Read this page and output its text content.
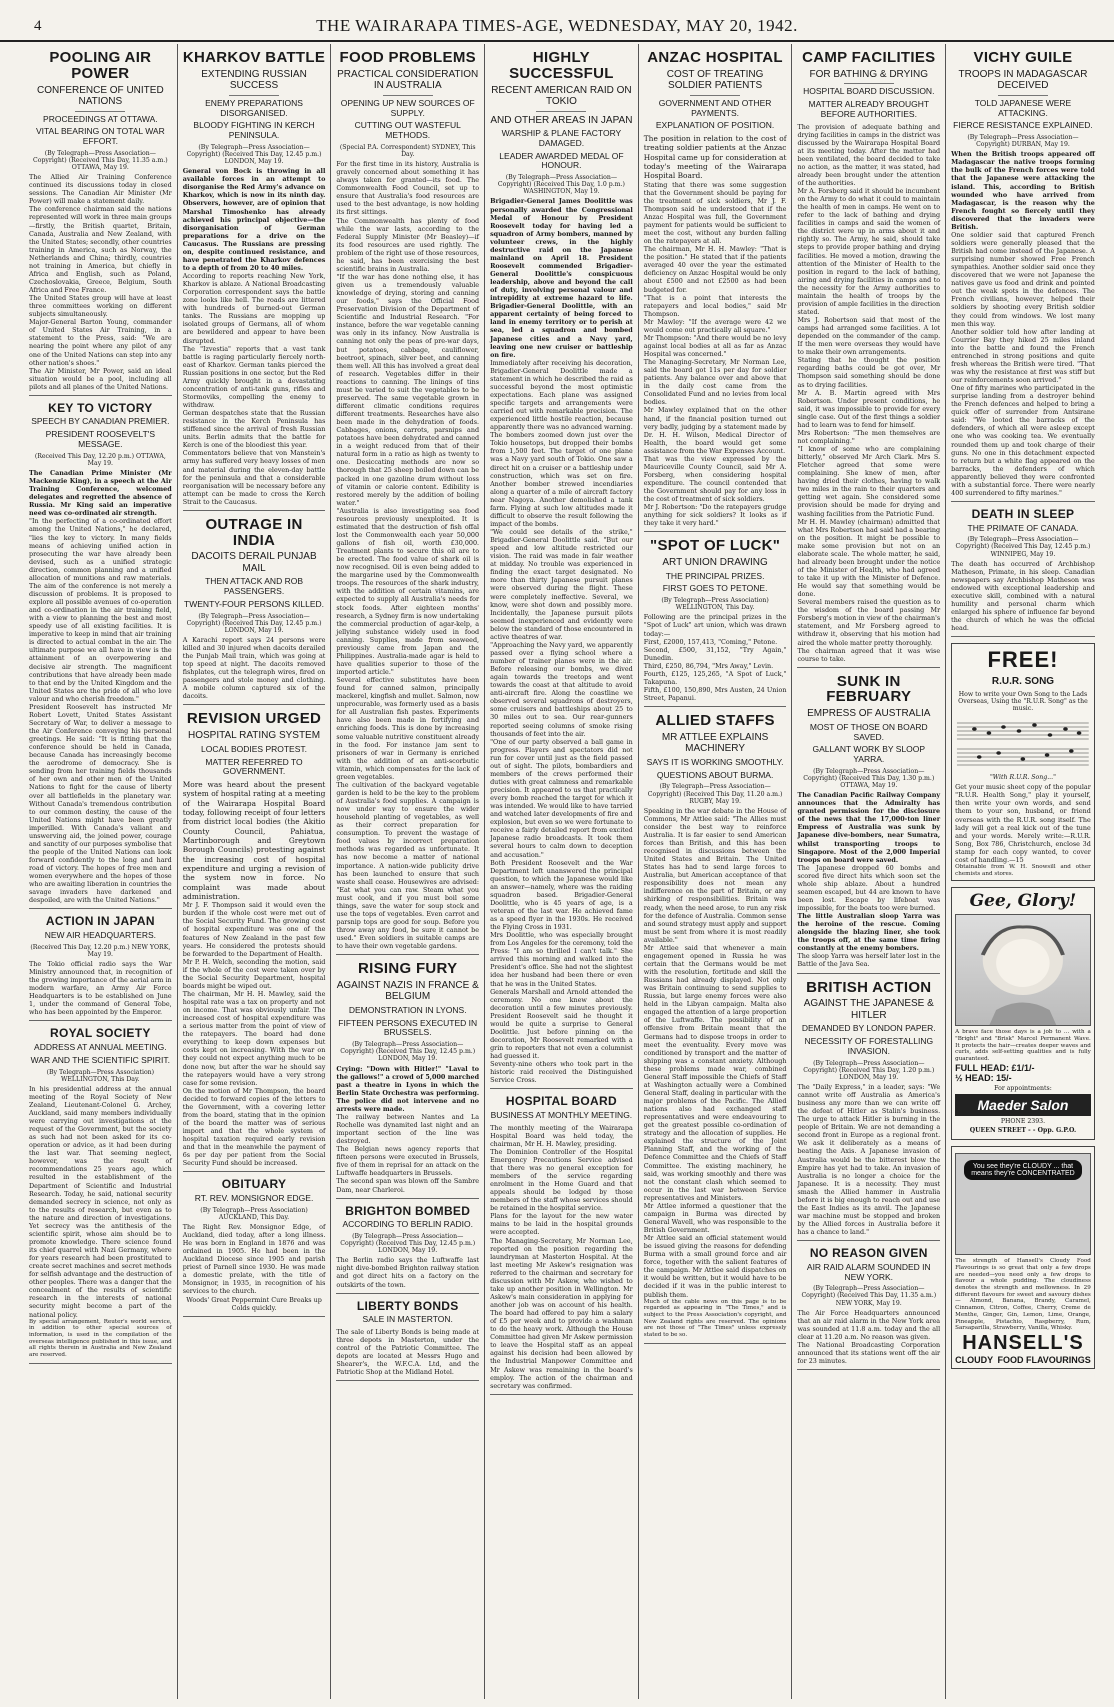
4	THE WAIRARAPA TIMES-AGE, WEDNESDAY, MAY 20, 1942.
POOLING AIR POWER
CONFERENCE OF UNITED NATIONS
PROCEEDINGS AT OTTAWA.
VITAL BEARING ON TOTAL WAR EFFORT.
(By Telegraph—Press Association—Copyright) (Received This Day, 11.35 a.m.) OTTAWA, May 19.

The Allied Air Training Conference continued its discussions today in closed sessions. The Canadian Air Minister (Mr Power) will make a statement daily.

The conference chairman said the nations represented will work in three main groups—firstly, the British quartet, Britain, Canada, Australia and New Zealand, with the United States; secondly, other countries training in America, such as Norway, the Netherlands and China; thirdly, countries not training in America, but chiefly in Africa and English, such as Poland, Czechoslovakia, Greece, Belgium, South Africa and Free France.

The United States group will have at least three committees working on different subjects simultaneously.

Major-General Barton Young, commander of United States Air Training, in a statement to the Press, said: "We are nearing the point where any pilot of any one of the United Nations can step into any other nation's shoes."

The Air Minister, Mr Power, said an ideal situation would be a pool, including all pilots and all planes of the United Nations.

KEY TO VICTORY
SPEECH BY CANADIAN PREMIER.
PRESIDENT ROOSEVELT'S MESSAGE.
(Received This Day, 12.20 p.m.) OTTAWA, May 19.

The Canadian Prime Minister (Mr Mackenzie King), in a speech at the Air Training Conference, welcomed delegates and regretted the absence of Russia. Mr King said an imperative need was co-ordinated air strength.

"In the perfecting of a co-ordinated effort among the United Nations," he declared, "lies the key to victory. In many fields means of achieving unified action in prosecuting the war have already been devised, such as a unified strategic direction, common planning and a unified allocation of munitions and raw materials. The aim of the conference is not merely a discussion of problems. It is proposed to explore all possible avenues of co-operation and co-ordination in the air training field, with a view to planning the best and most speedy use of all existing facilities. It is imperative to keep in mind that air training is directed to actual combat in the air. The ultimate purpose we all have in view is the attainment of an overpowering and decisive air strength. The magnificent contributions that have already been made to that end by the United Kingdom and the United States are the pride of all who love valour and who cherish freedom."

President Roosevelt has instructed Mr Robert Lovett, United States Assistant Secretary of War, to deliver a message to the Air Conference conveying his personal greetings. He said: "It is fitting that the conference should be held in Canada, because Canada has increasingly become the aerodrome of democracy. She is sending from her training fields thousands of her own and other men of the United Nations to fight for the cause of liberty over all battlefields in the planetary war. Without Canada's tremendous contribution to our common destiny, the cause of the United Nations might have been greatly imperilled. With Canada's valiant and unswerving aid, the joined power, courage and sanctity of our purposes symbolise that the people of the United Nations can look forward confidently to the long and hard road of victory. The hopes of free men and women everywhere and the hopes of those who are awaiting liberation in countries the savage invaders have darkened and despoiled, are with the United Nations."

ACTION IN JAPAN
NEW AIR HEADQUARTERS.
(Received This Day, 12.20 p.m.) NEW YORK, May 19.

The Tokio official radio says the War Ministry announced that, in recognition of the growing importance of the aerial arm in modern warfare, an Army Air Force Headquarters is to be established on June 1, under the command of General Tobe, who has been appointed by the Emperor.

ROYAL SOCIETY
ADDRESS AT ANNUAL MEETING.
WAR AND THE SCIENTIFIC SPIRIT.
(By Telegraph—Press Association) WELLINGTON, This Day.

In his presidential address at the annual meeting of the Royal Society of New Zealand, Lieutenant-Colonel G. Archey, Auckland, said many members individually were carrying out investigations at the request of the Government, but the society as such had not been asked for its co-operation or advice, as it had been during the last war. That seeming neglect, however, was the result of recommendations 25 years ago, which resulted in the establishment of the Department of Scientific and Industrial Research. Today, he said, national security demanded secrecy in science, not only as to the results of research, but even as to the nature and direction of investigations. Yet secrecy was the antithesis of the scientific spirit, whose aim should be to promote knowledge. There science found its chief quarrel with Nazi Germany, where for years research had been prostituted to create secret machines and secret methods for selfish advantage and the destruction of other peoples. There was a danger that the concealment of the results of scientific research in the interests of national security might become a part of the national policy.

By special arrangement, Reuter's world service, in addition to other special sources of information, is used in the compilation of the overseas intelligence published in this issue, and all rights therein in Australia and New Zealand are reserved.

KHARKOV BATTLE
EXTENDING RUSSIAN SUCCESS
ENEMY PREPARATIONS DISORGANISED.
BLOODY FIGHTING IN KERCH PENINSULA.
(By Telegraph—Press Association—Copyright) (Received This Day, 12.45 p.m.) LONDON, May 19.

General von Bock is throwing in all available forces in an attempt to disorganise the Red Army's advance on Kharkov, which is now in its ninth day. Observers, however, are of opinion that Marshal Timoshenko has already achieved his principal objective—the disorganisation of German preparations for a drive on the Caucasus. The Russians are pressing on, despite continued resistance, and have penetrated the Kharkov defences to a depth of from 20 to 40 miles.

According to reports reaching New York, Kharkov is ablaze. A National Broadcasting Corporation correspondent says the battle zone looks like hell. The roads are littered with hundreds of burned-out German tanks. The Russians are mopping up isolated groups of Germans, all of whom are bewildered and appear to have been disrupted.

The "Izvestia" reports that a vast tank battle is raging particularly fiercely north-east of Kharkov. German tanks pierced the Russian positions in one sector, but the Red Army quickly brought in a devastating concentration of anti-tank guns, rifles and Stormoviks, compelling the enemy to withdraw.

German despatches state that the Russian resistance in the Kerch Peninsula has stiffened since the arrival of fresh Russian units. Berlin admits that the battle for Kerch is one of the bloodiest this year.

Commentators believe that von Manstein's army has suffered very heavy losses of men and material during the eleven-day battle for the peninsula and that a considerable reorganisation will be necessary before any attempt can be made to cross the Kerch Strait to the Caucasus.

OUTRAGE IN INDIA
DACOITS DERAIL PUNJAB MAIL
THEN ATTACK AND ROB PASSENGERS.
TWENTY-FOUR PERSONS KILLED.
(By Telegraph—Press Association—Copyright) (Received This Day, 12.45 p.m.) LONDON, May 19.

A Karachi report says 24 persons were killed and 30 injured when dacoits derailed the Punjab Mail train, which was going at top speed at night. The dacoits removed fishplates, cut the telegraph wires, fired on passengers and stole money and clothing. A mobile column captured six of the dacoits.

REVISION URGED
HOSPITAL RATING SYSTEM
LOCAL BODIES PROTEST.
MATTER REFERRED TO GOVERNMENT.

More was heard about the present system of hospital rating at a meeting of the Wairarapa Hospital Board today, following receipt of four letters from district local bodies (the Akitio County Council, Pahiatua, Martinborough and Greytown Borough Councils) protesting against the increasing cost of hospital expenditure and urging a revision of the system now in force. No complaint was made about administration.

Mr J. F. Thompson said it would even the burden if the whole cost were met out of the Social Security Fund. The growing cost of hospital expenditure was one of the features of New Zealand in the past few years. He considered the protests should be forwarded to the Department of Health.

Mr P. H. Welch, seconding the motion, said if the whole of the cost were taken over by the Social Security Department, hospital boards might be wiped out.

The chairman, Mr H. H. Mawley, said the hospital rate was a tax on property and not on income. That was obviously unfair. The increased cost of hospital expenditure was a serious matter from the point of view of the ratepayers. The board had done everything to keep down expenses but costs kept on increasing. With the war on they could not expect anything much to be done now, but after the war he should say the ratepayers would have a very strong case for some revision.

On the motion of Mr Thompson, the board decided to forward copies of the letters to the Government, with a covering letter from the board, stating that in the opinion of the board the matter was of serious import and that the whole system of hospital taxation required early revision and that in the meanwhile the payment of 6s per day per patient from the Social Security Fund should be increased.

OBITUARY
RT. REV. MONSIGNOR EDGE.
(By Telegraph—Press Association) AUCKLAND, This Day.

The Right Rev. Monsignor Edge, of Auckland, died today, after a long illness. He was born in England in 1876 and was ordained in 1905. He had been in the Auckland Diocese since 1905 and parish priest of Parnell since 1930. He was made a domestic prelate, with the title of Monsignor, in 1935, in recognition of his services to the church.

Woods' Great Peppermint Cure Breaks up Colds quickly.

FOOD PROBLEMS
PRACTICAL CONSIDERATION IN AUSTRALIA
OPENING UP NEW SOURCES OF SUPPLY.
CUTTING OUT WASTEFUL METHODS.
(Special P.A. Correspondent) SYDNEY, This Day.

For the first time in its history, Australia is gravely concerned about something it has always taken for granted—its food. The Commonwealth Food Council, set up to ensure that Australia's food resources are used to the best advantage, is now holding its first sittings.

The Commonwealth has plenty of food while the war lasts, according to the Federal Supply Minister (Mr Beasley)—if its food resources are used rightly. The problem of the right use of those resources, he said, has been exercising the best scientific brains in Australia.

"If the war has done nothing else, it has given us a tremendously valuable knowledge of drying, storing and canning our foods," says the Official Food Preservation Division of the Department of Scientific and Industrial Research. "For instance, before the war vegetable canning was only in its infancy. Now Australia is canning not only the peas of pre-war days, but potatoes, cabbage, cauliflower, beetroot, spinach, silver beet, and canning them well. All this has involved a great deal of research. Vegetables differ in their reactions to canning. The linings of tins must be varied to suit the vegetables to be preserved. The same vegetable grown in different climatic conditions requires different treatments. Researches have also been made in the dehydration of foods. Cabbages, onions, carrots, parsnips and potatoes have been dehydrated and canned in a weight reduced from that of their natural form in a ratio as high as twenty to one. Desiccating methods are now so thorough that 25 sheep boiled down can be packed in one gazoline drum without loss of vitamin or calorie content. Edibility is restored merely by the addition of boiling water."

"Australia is also investigating sea food resources previously unexploited. It is estimated that the destruction of fish offal lost the Commonwealth each year 50,000 gallons of fish oil, worth £30,000. Treatment plants to secure this oil are to be erected. The food value of shark oil is now recognised. Oil is even being added to the margarine used by the Commonwealth troops. The resources of the shark industry, with the addition of certain vitamins, are expected to supply all Australia's needs for stock foods. After eighteen months' research, a Sydney firm is now undertaking the commercial production of agar-kelp, a jellying substance widely used in food canning. Supplies, made from seaweed, previously came from Japan and the Philippines. Australia-made agar is held to have qualities superior to those of the imported article."

Several effective substitutes have been found for canned salmon, principally mackerel, kingfish and mullet. Salmon, now unprocurable, was formerly used as a basis for all Australian fish pastes. Experiments have also been made in fortifying and enriching foods. This is done by increasing some valuable nutritive constituent already in the food. For instance jam sent to prisoners of war in Germany is enriched with the addition of an anti-scorbutic vitamin, which compensates for the lack of green vegetables.

The cultivation of the backyard vegetable garden is held to be the key to the problem of Australia's food supplies. A campaign is now under way to ensure the wider household planting of vegetables, as well as their correct preparation for consumption. To prevent the wastage of food values by incorrect preparation methods was regarded as unfortunate. It has now become a matter of national importance. A nation-wide publicity drive has been launched to ensure that such waste shall cease. Housewives are advised: "Eat what you can raw. Steam what you must cook, and if you must boil some things, save the water for soup stock and use the tops of vegetables. Even carrot and parsnip tops are good for soup. Before you throw away any food, be sure it cannot be used." Even soldiers in suitable camps are to have their own vegetable gardens.

RISING FURY
AGAINST NAZIS IN FRANCE & BELGIUM
DEMONSTRATION IN LYONS.
FIFTEEN PERSONS EXECUTED IN BRUSSELS.
(By Telegraph—Press Association—Copyright) (Received This Day, 12.45 p.m.) LONDON, May 19.

Crying: "Down with Hitler!" "Laval to the gallows!" a crowd of 5,000 marched past a theatre in Lyons in which the Berlin State Orchestra was performing. The police did not intervene and no arrests were made.

The railway between Nantes and La Rochelle was dynamited last night and an important section of the line was destroyed.

The Belgian news agency reports that fifteen persons were executed in Brussels, five of them in reprisal for an attack on the Luftwaffe headquarters in Brussels.

The second span was blown off the Sambre Dam, near Charleroi.

BRIGHTON BOMBED
ACCORDING TO BERLIN RADIO.
(By Telegraph—Press Association—Copyright) (Received This Day, 12.45 p.m.) LONDON, May 19.

The Berlin radio says the Luftwaffe last night dive-bombed Brighton railway station and got direct hits on a factory on the outskirts of the town.

LIBERTY BONDS
SALE IN MASTERTON.

The sale of Liberty Bonds is being made at three depots in Masterton, under the control of the Patriotic Committee. The depots are located at Messrs Hugo and Shearer's, the W.F.C.A. Ltd, and the Patriotic Shop at the Midland Hotel.

HIGHLY SUCCESSFUL
RECENT AMERICAN RAID ON TOKIO
AND OTHER AREAS IN JAPAN
WARSHIP & PLANE FACTORY DAMAGED.
LEADER AWARDED MEDAL OF HONOUR.
(By Telegraph—Press Association—Copyright) (Received This Day, 1.0 p.m.) WASHINGTON, May 19.

Brigadier-General James Doolittle was personally awarded the Congressional Medal of Honour by President Roosevelt today for having led a squadron of Army bombers, manned by volunteer crews, in the highly destructive raid on the Japanese mainland on April 18. President Roosevelt commended Brigadier-General Doolittle's conspicuous leadership, above and beyond the call of duty, involving personal valour and intrepidity at extreme hazard to life. Brigadier-General Doolittle, with an apparent certainty of being forced to land in enemy territory or to perish at sea, led a squadron and bombed Japanese cities and a Navy yard, leaving one new cruiser or battleship on fire.

Immediately after receiving his decoration, Brigadier-General Doolittle made a statement in which he described the raid as successful beyond the most optimistic expectations. Each plane was assigned specific targets and arrangements were carried out with remarkable precision. The experienced little hostile reaction, because apparently there was no advanced warning. The bombers zoomed down just over the Tokio housetops, but dropped their bombs from 1,500 feet. The target of one plane was a Navy yard south of Tokio. One saw a direct hit on a cruiser or a battleship under construction, which was set on fire. Another bomber strewed incendiaries along a quarter of a mile of aircraft factory near Nagoya. Another demolished a tank farm. Flying at such low altitudes made it difficult to observe the result following the impact of the bombs.

"We could see details of the strike," Brigadier-General Doolittle said. "But our speed and low altitude restricted our vision. The raid was made in fair weather at midday. No trouble was experienced in finding the exact target designated. No more than thirty Japanese pursuit planes were observed during the flight. These were completely ineffective. Several, we know, were shot down and possibly more. Incidentally, the Japanese pursuit pilots seemed inexperienced and evidently were below the standard of those encountered in active theatres of war.

"Approaching the Navy yard, we apparently passed over a flying school where a number of trainer planes were in the air. Before releasing our bombs, we dived again towards the treetops and went towards the coast at that altitude to avoid anti-aircraft fire. Along the coastline we observed several squadrons of destroyers, some cruisers and battleships about 25 to 30 miles out to sea. Our rear-gunners reported seeing columns of smoke rising thousands of feet into the air.

"One of our party observed a ball game in progress. Players and spectators did not run for cover until just as the field passed out of sight. The pilots, bombardiers and members of the crews performed their duties with great calmness and remarkable precision. It appeared to us that practically every bomb reached the target for which it was intended. We would like to have tarried and watched later developments of fire and explosion, but even so we were fortunate to receive a fairly detailed report from excited Japanese radio broadcasts. It took them several hours to calm down to deception and accusation."

Both President Roosevelt and the War Department left unanswered the principal question, to which the Japanese would like an answer—namely, where was the raiding squadron based. Brigadier-General Doolittle, who is 45 years of age, is a veteran of the last war. He achieved fame as a speed flyer in the 1930s. He received the Flying Cross in 1931.

Mrs Doolittle, who was especially brought from Los Angeles for the ceremony, told the Press: "I am so thrilled I can't talk." She arrived this morning and walked into the President's office. She had not the slightest idea her husband had been there or even that he was in the United States.

Generals Marshall and Arnold attended the ceremony. No one knew about the decoration until a few minutes previously. President Roosevelt said he thought it would be quite a surprise to General Doolittle. Just before pinning on the decoration, Mr Roosevelt remarked with a grin to reporters that not even a columnist had guessed it.

Seventy-nine others who took part in the historic raid received the Distinguished Service Cross.

HOSPITAL BOARD
BUSINESS AT MONTHLY MEETING.

The monthly meeting of the Wairarapa Hospital Board was held today, the chairman, Mr H. H. Mawley, presiding.

The Dominion Controller of the Hospital Emergency Precautions Service advised that there was no general exception for members of the service regarding enrolment in the Home Guard and that appeals should be lodged by those members of the staff whose services should be retained in the hospital service.

Plans for the layout for the new water mains to be laid in the hospital grounds were accepted.

The Managing-Secretary, Mr Norman Lee, reported on the position regarding the laundryman at Masterton Hospital. At the last meeting Mr Askew's resignation was referred to the chairman and secretary for discussion with Mr Askew, who wished to take up another position in Wellington. Mr Askew's main consideration in applying for another job was on account of his health. The board had offered to pay him a salary of £5 per week and to provide a washman to do the heavy work. Although the House Committee had given Mr Askew permission to leave the Hospital staff as an appeal against his decision had been allowed by the Industrial Manpower Committee and Mr Askew was remaining in the board's employ. The action of the chairman and secretary was confirmed.

ANZAC HOSPITAL
COST OF TREATING SOLDIER PATIENTS
GOVERNMENT AND OTHER PAYMENTS.
EXPLANATION OF POSITION.

The position in relation to the cost of treating soldier patients at the Anzac Hospital came up for consideration at today's meeting of the Wairarapa Hospital Board.

Stating that there was some suggestion that the Government should be paying for the treatment of sick soldiers, Mr J. F. Thompson said he understood that if the Anzac Hospital was full, the Government payment for patients would be sufficient to meet the cost, without any burden falling on the ratepayers at all.

The chairman, Mr H. H. Mawley: "That is the position." He stated that if the patients averaged 40 over the year the estimated deficiency on Anzac Hospital would be only about £500 and not £2500 as had been budgeted for.

"That is a point that interests the ratepayers and local bodies," said Mr Thompson.

Mr Mawley: "If the average were 42 we would come out practically all square."

Mr Thompson: "And there would be no levy against local bodies at all as far as Anzac Hospital was concerned."

The Managing-Secretary, Mr Norman Lee, said the board got 11s per day for soldier patients. Any balance over and above that in the daily cost came from the Consolidated Fund and no levies from local bodies.

Mr Mawley explained that on the other hand, if the financial position turned out very badly, judging by a statement made by Dr. H. H. Wilson, Medical Director of Health, the board would get some assistance from the War Expenses Account.

That was the view expressed by the Mauriceville County Council, said Mr A. Forsberg, when considering hospital expenditure. The council contended that the Government should pay for any loss in the cost of treatment of sick soldiers.

Mr J. Robertson: "Do the ratepayers grudge anything for sick soldiers? It looks as if they take it very hard."

"SPOT OF LUCK"
ART UNION DRAWING
THE PRINCIPAL PRIZES.
FIRST GOES TO PETONE.
(By Telegraph—Press Association) WELLINGTON, This Day.

Following are the principal prizes in the "Spot of Luck" art union, which was drawn today:—

First, £2000, 157,413, "Coming," Petone.

Second, £500, 31,152, "Try Again," Dunedin.

Third, £250, 86,794, "Mrs Away," Levin.

Fourth, £125, 125,265, "A Spot of Luck," Takapuna.

Fifth, £100, 150,890, Mrs Austen, 24 Union Street, Papanui.

ALLIED STAFFS
MR ATTLEE EXPLAINS MACHINERY
SAYS IT IS WORKING SMOOTHLY.
QUESTIONS ABOUT BURMA.
(By Telegraph—Press Association—Copyright) (Received This Day, 11.20 a.m.) RUGBY, May 19.

Speaking in the war debate in the House of Commons, Mr Attlee said: "The Allies must consider the best way to reinforce Australia. It is far easier to send American forces than British, and this has been recognised in discussions between the United States and Britain. The United States has had to send large forces to Australia, but American acceptance of that responsibility does not mean any indifference on the part of Britain, or any shirking of responsibilities. Britain was ready, when the need arose, to run any risk for the defence of Australia. Common sense and sound strategy must apply and support must be sent from where it is most readily available."

Mr Attlee said that whenever a main engagement opened in Russia he was certain that the Germans would be met with the resolution, fortitude and skill the Russians had already displayed. Not only was Britain continuing to send supplies to Russia, but large enemy forces were also held in the Libyan campaign. Malta also engaged the attention of a large proportion of the Luftwaffe. The possibility of an offensive from Britain meant that the Germans had to dispose troops in order to meet the eventuality. Every move was conditioned by transport and the matter of shipping was a constant anxiety. Although these problems made war, combined General Staff impossible the Chiefs of Staff at Washington actually were a Combined General Staff, dealing in particular with the major problems of the Pacific. The Allied nations also had exchanged staff representatives and were endeavouring to get the greatest possible co-ordination of strategy and the allocation of supplies. He explained the structure of the Joint Planning Staff, and the working of the Defence Committee and the Chiefs of Staff Committee. The existing machinery, he said, was working smoothly and there was not the constant clash which seemed to occur in the last war between Service representatives and Ministers.

Mr Attlee informed a questioner that the campaign in Burma was directed by General Wavell, who was responsible to the British Government.

Mr Attlee said an official statement would be issued giving the reasons for defending Burma with a small ground force and air force, together with the salient features of the campaign. Mr Attlee said dispatches on it would be written, but it would have to be decided if it was in the public interest to publish them.

Much of the cable news on this page is to be regarded as appearing in "The Times," and is subject to the Press Association's copyright, and New Zealand rights are reserved. The opinions are not those of "The Times" unless expressly stated to be so.

CAMP FACILITIES
FOR BATHING & DRYING
HOSPITAL BOARD DISCUSSION.
MATTER ALREADY BROUGHT BEFORE AUTHORITIES.

The provision of adequate bathing and drying facilities in camps in the district was discussed by the Wairarapa Hospital Board at its meeting today. After the matter had been ventilated, the board decided to take no action, as the matter, it was stated, had already been brought under the attention of the authorities.

Mr A. Forsberg said it should be incumbent on the Army to do what it could to maintain the health of men in camps. He went on to refer to the lack of bathing and drying facilities in camps and said the women of the district were up in arms about it and rightly so. The Army, he said, should take steps to provide proper bathing and drying facilities. He moved a motion, drawing the attention of the Minister of Health to the position in regard to the lack of bathing, airing and drying facilities in camps and to the necessity for the Army authorities to maintain the health of troops by the provision of ample facilities in the direction stated.

Mrs J. Robertson said that most of the camps had arranged some facilities. A lot depended on the commander of the camp. If the men were overseas they would have to make their own arrangements.

Stating that he thought the position regarding baths could be got over, Mr Thompson said something should be done as to drying facilities.

Mr A. B. Martin agreed with Mrs Robertson. Under present conditions, he said, it was impossible to provide for every single case. Out of the first things a soldier had to learn was to fend for himself.

Mrs Robertson: "The men themselves are not complaining."

"I know of some who are complaining bitterly," observed Mr Arch Clark. Mrs S. Fletcher agreed that some were complaining. She knew of men, after having dried their clothes, having to walk two miles in the rain to their quarters and getting wet again. She considered some provision should be made for drying and washing facilities from the Patriotic Fund.

Mr H. H. Mawley (chairman) admitted that what Mrs Robertson had said had a bearing on the position. It might be possible to make some provision but not on an elaborate scale. The whole matter, he said, had already been brought under the notice of the Minister of Health, who had agreed to take it up with the Minister of Defence. He would say that something would be done.

Several members raised the question as to the wisdom of the board passing Mr Forsberg's motion in view of the chairman's statement, and Mr Forsberg agreed to withdraw it, observing that his motion had aired the whole matter pretty thoroughly.

The chairman agreed that it was wise course to take.

SUNK IN FEBRUARY
EMPRESS OF AUSTRALIA
MOST OF THOSE ON BOARD SAVED.
GALLANT WORK BY SLOOP YARRA.
(By Telegraph—Press Association—Copyright) (Received This Day, 1.30 p.m.) OTTAWA, May 19.

The Canadian Pacific Railway Company announces that the Admiralty has granted permission for the disclosure of the news that the 17,000-ton liner Empress of Australia was sunk by Japanese dive-bombers, near Sumatra, whilst transporting troops to Singapore. Most of the 2,000 Imperial troops on board were saved.

The Japanese dropped 60 bombs and scored five direct hits which soon set the whole ship ablaze. About a hundred seamen escaped, but 44 are known to have been lost. Escape by lifeboat was impossible, for the boats too were burned.

The little Australian sloop Yarra was the heroine of the rescue. Coming alongside the blazing liner, she took the troops off, at the same time firing constantly at the enemy bombers.

The sloop Yarra was herself later lost in the Battle of the Java Sea.

BRITISH ACTION
AGAINST THE JAPANESE & HITLER
DEMANDED BY LONDON PAPER.
NECESSITY OF FORESTALLING INVASION.
(By Telegraph—Press Association—Copyright) (Received This Day, 1.20 p.m.) LONDON, May 19.

The "Daily Express," in a leader, says: "We cannot write off Australia as America's business any more than we can write off the defeat of Hitler as Stalin's business. The urge to attack Hitler is burning in the people of Britain. We are not demanding a second front in Europe as a regional front. We ask it deliberately as a means of beating the Axis. A Japanese invasion of Australia would be the bitterest blow the Empire has yet had to take. An invasion of Australia is no longer a choice for the Japanese. It is a necessity. They must smash the Allied hammer in Australia before it is big enough to reach out and use the East Indies as its anvil. The Japanese war machine must be stopped and broken by the Allied forces in Australia before it has a chance to land."

NO REASON GIVEN
AIR RAID ALARM SOUNDED IN NEW YORK.
(By Telegraph—Press Association—Copyright) (Received This Day, 11.35 a.m.) NEW YORK, May 19.

The Air Force Headquarters announced that an air raid alarm in the New York area was sounded at 11.8 a.m. today and the all clear at 11.20 a.m. No reason was given.

The National Broadcasting Corporation announced that its stations went off the air for 23 minutes.

VICHY GUILE
TROOPS IN MADAGASCAR DECEIVED
TOLD JAPANESE WERE ATTACKING.
FIERCE RESISTANCE EXPLAINED.
(By Telegraph—Press Association—Copyright) DURBAN, May 19.

When the British troops appeared off Madagascar the native troops forming the bulk of the French forces were told that the Japanese were attacking the island. This, according to British wounded who have arrived from Madagascar, is the reason why the French fought so fiercely until they discovered that the invaders were British.

One soldier said that captured French soldiers were generally pleased that the British had come instead of the Japanese. A surprising number showed Free French sympathies. Another soldier said once they discovered that we were not Japanese the natives gave us food and drink and pointed out the weak spots in the defences. The French civilians, however, helped their soldiers by shooting every British soldier they could from windows. We lost many men this way.

Another soldier told how after landing at Courrier Bay they hiked 25 miles inland into the battle and found the French entrenched in strong positions and quite fresh whereas the British were tired. "That was why the resistance at first was stiff but our reinforcements soon arrived."

One of fifty marines who participated in the surprise landing from a destroyer behind the French defences and helped to bring a quick offer of surrender from Antsirane said: "We looted the barracks of the defenders, of which all were asleep except one who was cooking tea. We eventually rounded them up and took charge of their guns. No one in this detachment expected to return but a white flag appeared on the barracks, the defenders of which apparently believed they were confronted with a substantial force. There were nearly 400 surrendered to fifty marines."

DEATH IN SLEEP
THE PRIMATE OF CANADA.
(By Telegraph—Press Association—Copyright) (Received This Day, 12.45 p.m.) WINNIPEG, May 19.

The death has occurred of Archbishop Matheson, Primate, in his sleep. Canadian newspapers say Archbishop Matheson was endowed with exceptional leadership and executive skill, combined with a natural humility and personal charm which enlarged his sphere of influence far beyond the church of which he was the official head.

FREE!
R.U.R. SONG
How to write your Own Song to the Lads Overseas, Using the "R.U.R. Song" as the music.
"With R.U.R. Song..."

Get your music sheet copy of the popular "R.U.R. Health Song," play it yourself, then write your own words, and send them to your son, husband, or friend overseas with the R.U.R. song itself. The lady will get a real kick out of the tune and your words. Merely write:—R.U.R. Song, Box 786, Christchurch, enclose 3d stamp for each copy wanted, to cover cost of handling.—15

Obtainable from W. H. Snowsill and other chemists and stores.

Gee, Glory!

A brave face those days is a job to ... with a "Bright" and "Brisk" Marcel Permanent Wave. It protects the hair—creates deeper waves and curls, adds self-setting qualities and is fully guaranteed.

FULL HEAD: £1/1/-
½ HEAD: 15/-
For appointments:
Maeder Salon
PHONE 2393.
QUEEN STREET - - Opp. G.P.O.
You see they're CLOUDY ... that means they're CONCENTRATED

The strength of Hansell's Cloudy Food Flavourings is so great that only a few drops are needed—you need only a few drops to flavour a whole pudding. The cloudiness denotes the strength and mellowness. In 29 different flavours for sweet and savoury dishes — Almond, Banana, Brandy, Caramel, Cinnamon, Citron, Coffee, Cherry, Creme de Menthe, Ginger, Gin, Lemon, Lime, Orange, Pineapple, Pistachio, Raspberry, Rum, Sarsaparilla, Strawberry, Vanilla, Whisky.

HANSELL'S
CLOUDY FOOD FLAVOURINGS
